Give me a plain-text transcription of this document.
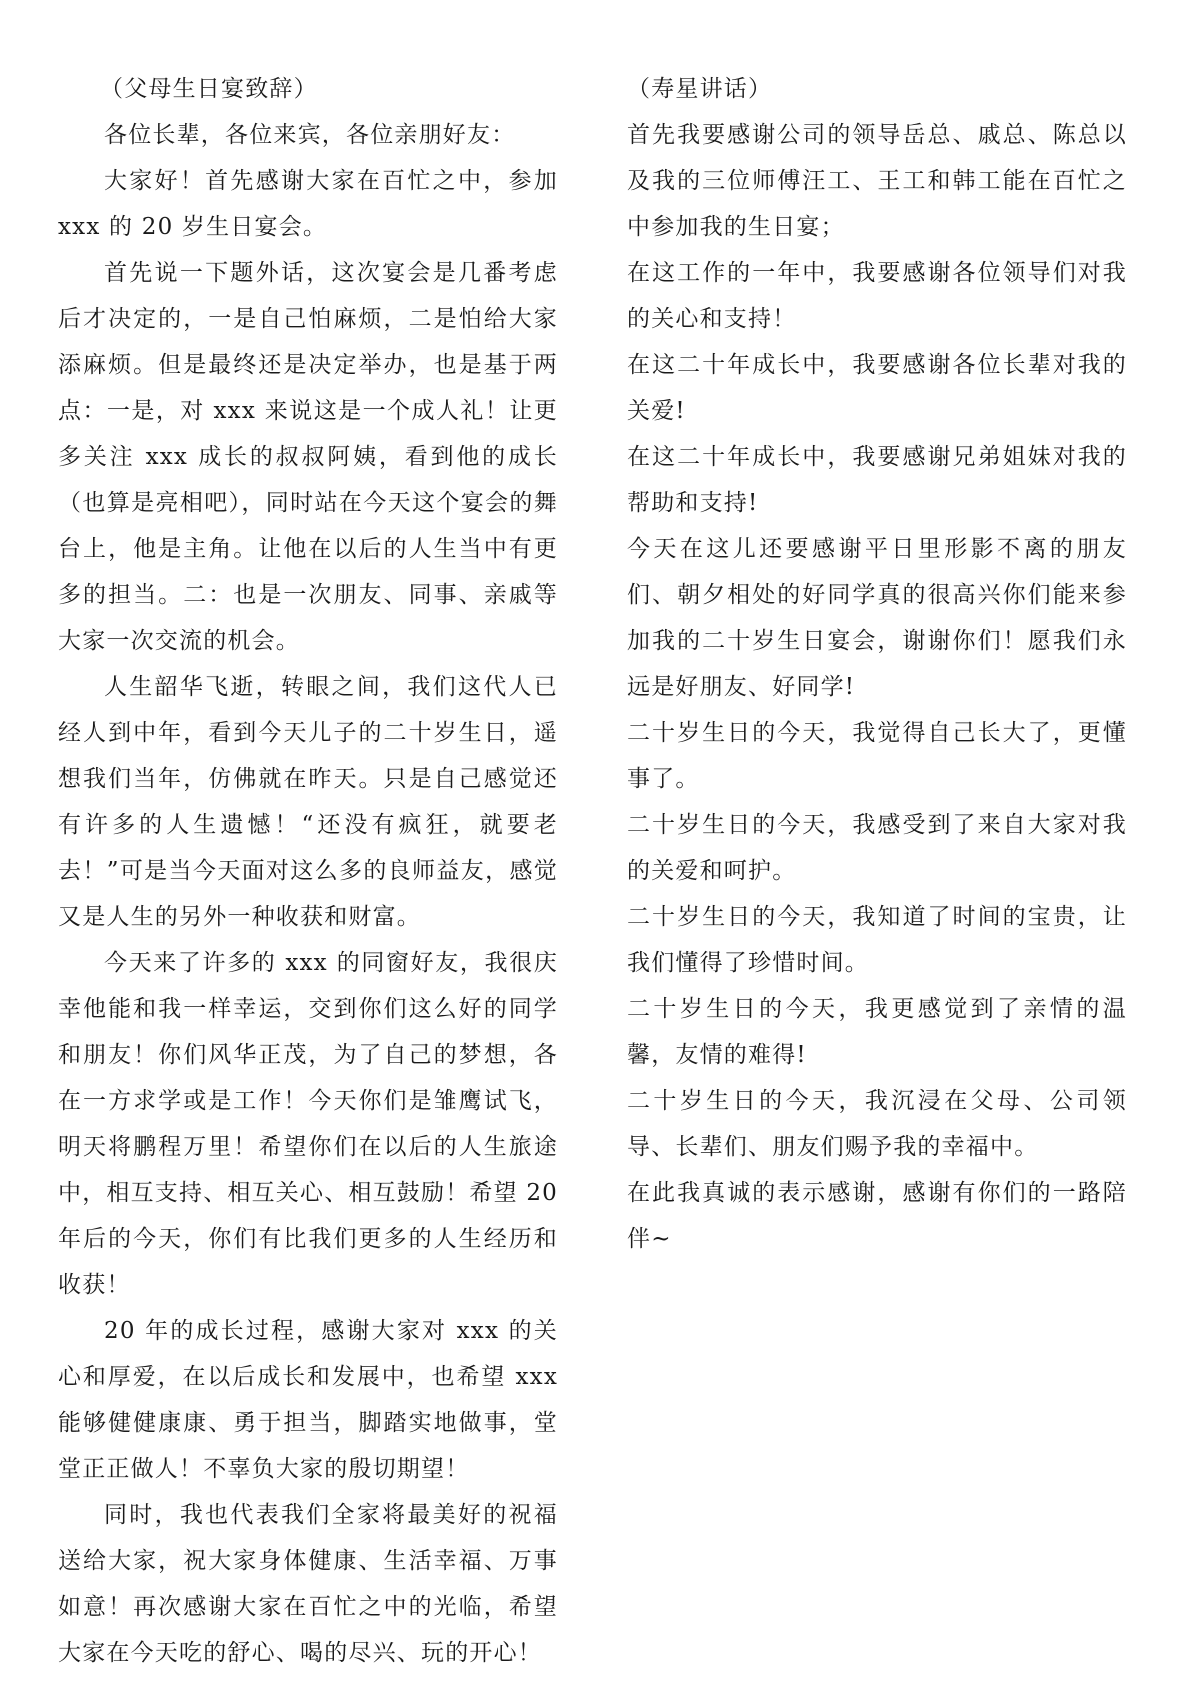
（父母生日宴致辞）

各位长辈，各位来宾，各位亲朋好友：

大家好！首先感谢大家在百忙之中，参加 xxx 的 20 岁生日宴会。

首先说一下题外话，这次宴会是几番考虑后才决定的，一是自己怕麻烦，二是怕给大家添麻烦。但是最终还是决定举办，也是基于两点：一是，对 xxx 来说这是一个成人礼！让更多关注 xxx 成长的叔叔阿姨，看到他的成长（也算是亮相吧），同时站在今天这个宴会的舞台上，他是主角。让他在以后的人生当中有更多的担当。二：也是一次朋友、同事、亲戚等大家一次交流的机会。

人生韶华飞逝，转眼之间，我们这代人已经人到中年，看到今天儿子的二十岁生日，遥想我们当年，仿佛就在昨天。只是自己感觉还有许多的人生遗憾！“还没有疯狂，就要老去！”可是当今天面对这么多的良师益友，感觉又是人生的另外一种收获和财富。

今天来了许多的 xxx 的同窗好友，我很庆幸他能和我一样幸运，交到你们这么好的同学和朋友！你们风华正茂，为了自己的梦想，各在一方求学或是工作！今天你们是雏鹰试飞，明天将鹏程万里！希望你们在以后的人生旅途中，相互支持、相互关心、相互鼓励！希望 20 年后的今天，你们有比我们更多的人生经历和收获！

20 年的成长过程，感谢大家对 xxx 的关心和厚爱，在以后成长和发展中，也希望 xxx 能够健健康康、勇于担当，脚踏实地做事，堂堂正正做人！不辜负大家的殷切期望！

同时，我也代表我们全家将最美好的祝福送给大家，祝大家身体健康、生活幸福、万事如意！再次感谢大家在百忙之中的光临，希望大家在今天吃的舒心、喝的尽兴、玩的开心！

（寿星讲话）

首先我要感谢公司的领导岳总、戚总、陈总以及我的三位师傅汪工、王工和韩工能在百忙之中参加我的生日宴；

在这工作的一年中，我要感谢各位领导们对我的关心和支持！

在这二十年成长中，我要感谢各位长辈对我的关爱!

在这二十年成长中，我要感谢兄弟姐妹对我的帮助和支持!

今天在这儿还要感谢平日里形影不离的朋友们、朝夕相处的好同学真的很高兴你们能来参加我的二十岁生日宴会，谢谢你们！愿我们永远是好朋友、好同学!

二十岁生日的今天，我觉得自己长大了，更懂事了。

二十岁生日的今天，我感受到了来自大家对我的关爱和呵护。

二十岁生日的今天，我知道了时间的宝贵，让我们懂得了珍惜时间。

二十岁生日的今天，我更感觉到了亲情的温馨，友情的难得!

二十岁生日的今天，我沉浸在父母、公司领导、长辈们、朋友们赐予我的幸福中。

在此我真诚的表示感谢，感谢有你们的一路陪伴~
